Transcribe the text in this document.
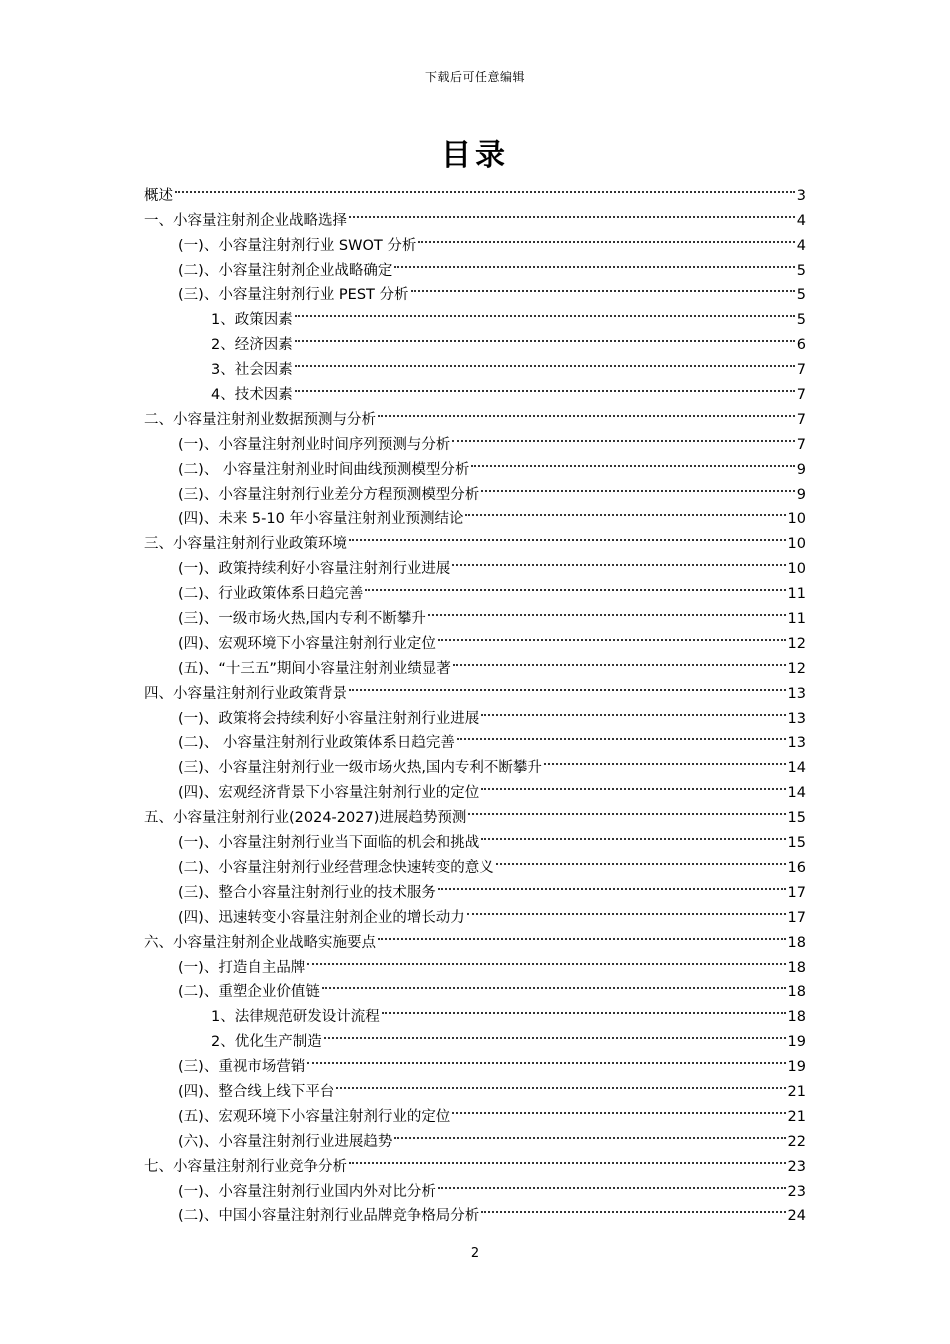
下载后可任意编辑
目录
概述	3
一、小容量注射剂企业战略选择	4
(一)、小容量注射剂行业 SWOT 分析	4
(二)、小容量注射剂企业战略确定	5
(三)、小容量注射剂行业 PEST 分析	5
1、政策因素	5
2、经济因素	6
3、社会因素	7
4、技术因素	7
二、小容量注射剂业数据预测与分析	7
(一)、小容量注射剂业时间序列预测与分析	7
(二)、 小容量注射剂业时间曲线预测模型分析	9
(三)、小容量注射剂行业差分方程预测模型分析	9
(四)、未来 5-10 年小容量注射剂业预测结论	10
三、小容量注射剂行业政策环境	10
(一)、政策持续利好小容量注射剂行业进展	10
(二)、行业政策体系日趋完善	11
(三)、一级市场火热,国内专利不断攀升	11
(四)、宏观环境下小容量注射剂行业定位	12
(五)、“十三五”期间小容量注射剂业绩显著	12
四、小容量注射剂行业政策背景	13
(一)、政策将会持续利好小容量注射剂行业进展	13
(二)、 小容量注射剂行业政策体系日趋完善	13
(三)、小容量注射剂行业一级市场火热,国内专利不断攀升	14
(四)、宏观经济背景下小容量注射剂行业的定位	14
五、小容量注射剂行业(2024-2027)进展趋势预测	15
(一)、小容量注射剂行业当下面临的机会和挑战	15
(二)、小容量注射剂行业经营理念快速转变的意义	16
(三)、整合小容量注射剂行业的技术服务	17
(四)、迅速转变小容量注射剂企业的增长动力	17
六、小容量注射剂企业战略实施要点	18
(一)、打造自主品牌	18
(二)、重塑企业价值链	18
1、法律规范研发设计流程	18
2、优化生产制造	19
(三)、重视市场营销	19
(四)、整合线上线下平台	21
(五)、宏观环境下小容量注射剂行业的定位	21
(六)、小容量注射剂行业进展趋势	22
七、小容量注射剂行业竞争分析	23
(一)、小容量注射剂行业国内外对比分析	23
(二)、中国小容量注射剂行业品牌竞争格局分析	24
2
